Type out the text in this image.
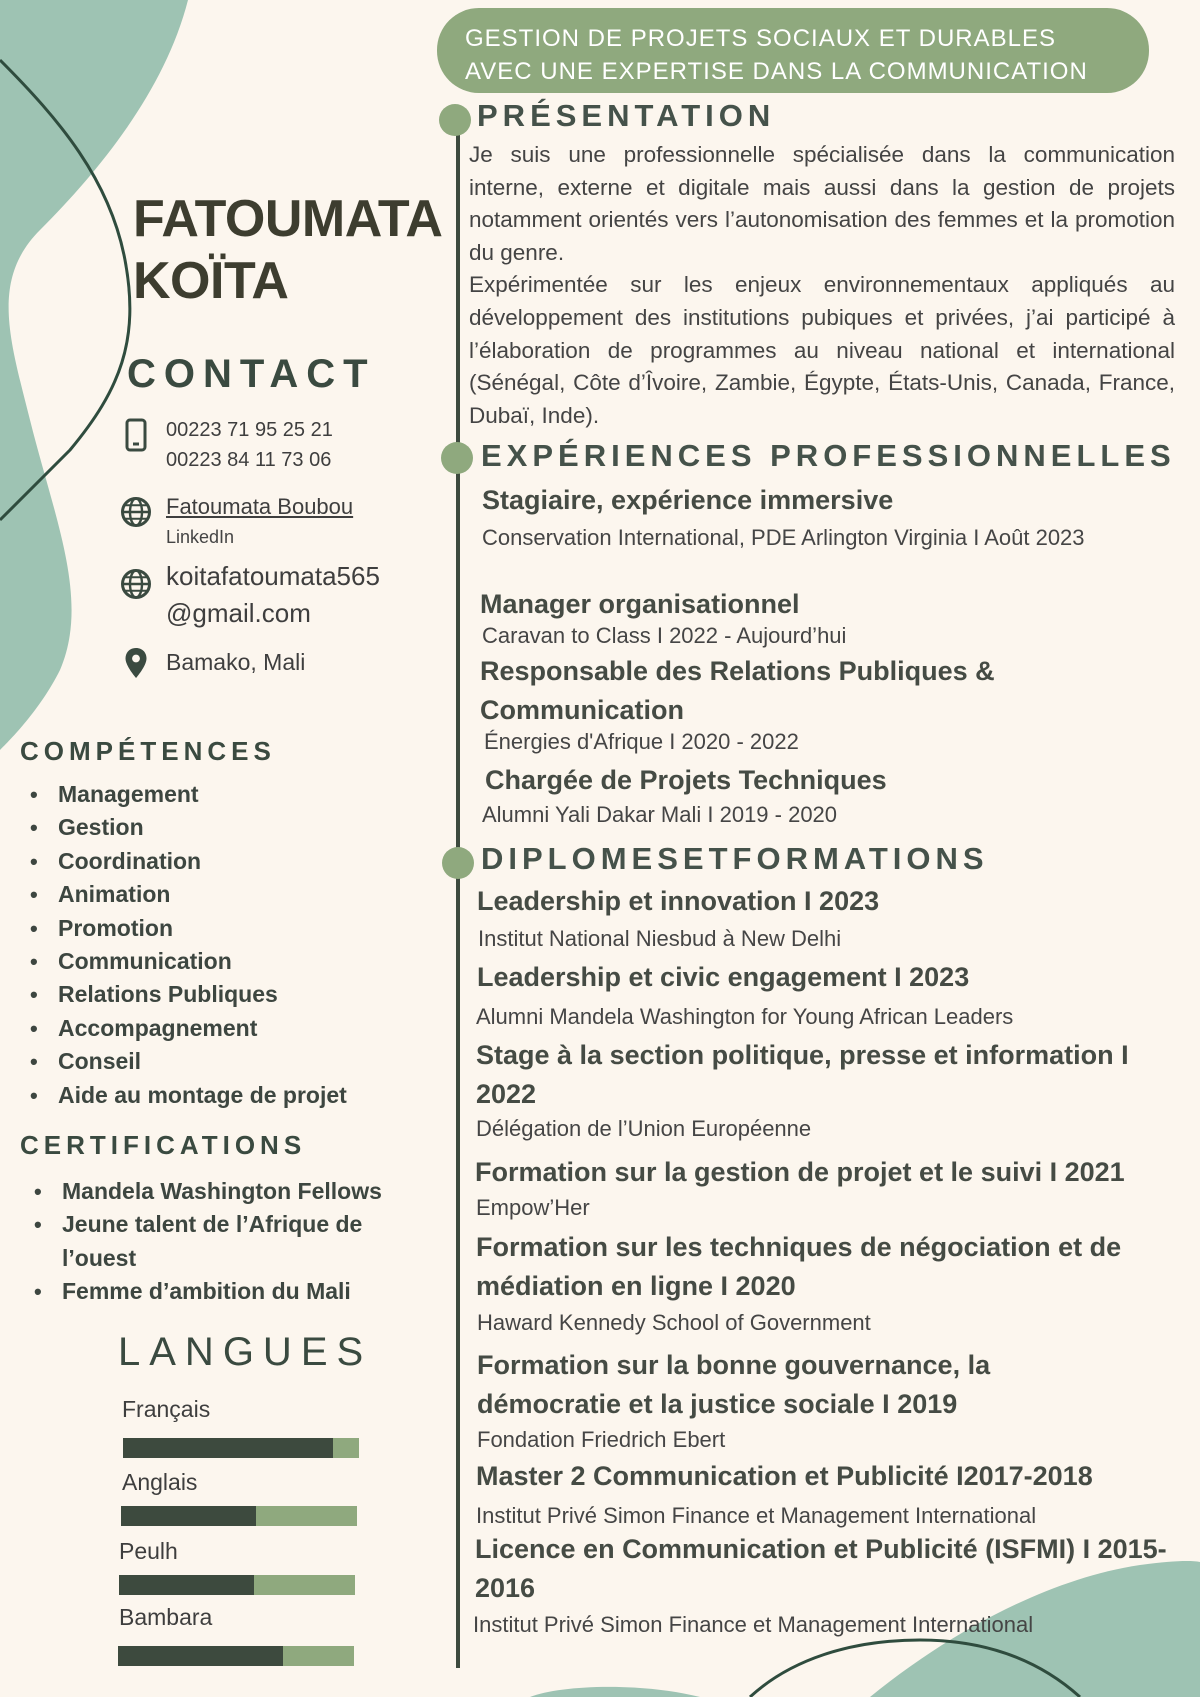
GESTION DE PROJETS SOCIAUX ET DURABLES AVEC UNE EXPERTISE DANS LA COMMUNICATION
FATOUMATA
KOÏTA
CONTACT
00223 71 95 25 21
00223 84 11 73 06
Fatoumata Boubou
LinkedIn
koitafatoumata565
@gmail.com
Bamako, Mali
COMPÉTENCES
• Management
• Gestion
• Coordination
• Animation
• Promotion
• Communication
• Relations Publiques
• Accompagnement
• Conseil
• Aide au montage de projet
CERTIFICATIONS
• Mandela Washington Fellows
• Jeune talent de l’Afrique de l’ouest
• Femme d’ambition du Mali
LANGUES
Français
Anglais
Peulh
Bambara
PRÉSENTATION

Je suis une professionnelle spécialisée dans la communication interne, externe et digitale mais aussi dans la gestion de projets notamment orientés vers l’autonomisation des femmes et la promotion du genre.

Expérimentée sur les enjeux environnementaux appliqués au développement des institutions pubiques et privées, j’ai participé à l’élaboration de programmes au niveau national et international (Sénégal, Côte d’Îvoire, Zambie, Égypte, États-Unis, Canada, France, Dubaï, Inde).

EXPÉRIENCES PROFESSIONNELLES
Stagiaire, expérience immersive
Conservation International, PDE Arlington Virginia I Août 2023
Manager organisationnel
Caravan to Class I 2022 - Aujourd’hui
Responsable des Relations Publiques & Communication
Énergies d'Afrique I 2020 - 2022
Chargée de Projets Techniques
Alumni Yali Dakar Mali I 2019 - 2020
DIPLOMESETFORMATIONS
Leadership et innovation I 2023
Institut National Niesbud à New Delhi
Leadership et civic engagement I 2023
Alumni Mandela Washington for Young African Leaders
Stage à la section politique, presse et information I 2022
Délégation de l’Union Européenne
Formation sur la gestion de projet et le suivi I 2021
Empow’Her
Formation sur les techniques de négociation et de médiation en ligne I 2020
Haward Kennedy School of Government
Formation sur la bonne gouvernance, la démocratie et la justice sociale I 2019
Fondation Friedrich Ebert
Master 2 Communication et Publicité I2017-2018
Institut Privé Simon Finance et Management International
Licence en Communication et Publicité (ISFMI) I 2015-2016
Institut Privé Simon Finance et Management International
